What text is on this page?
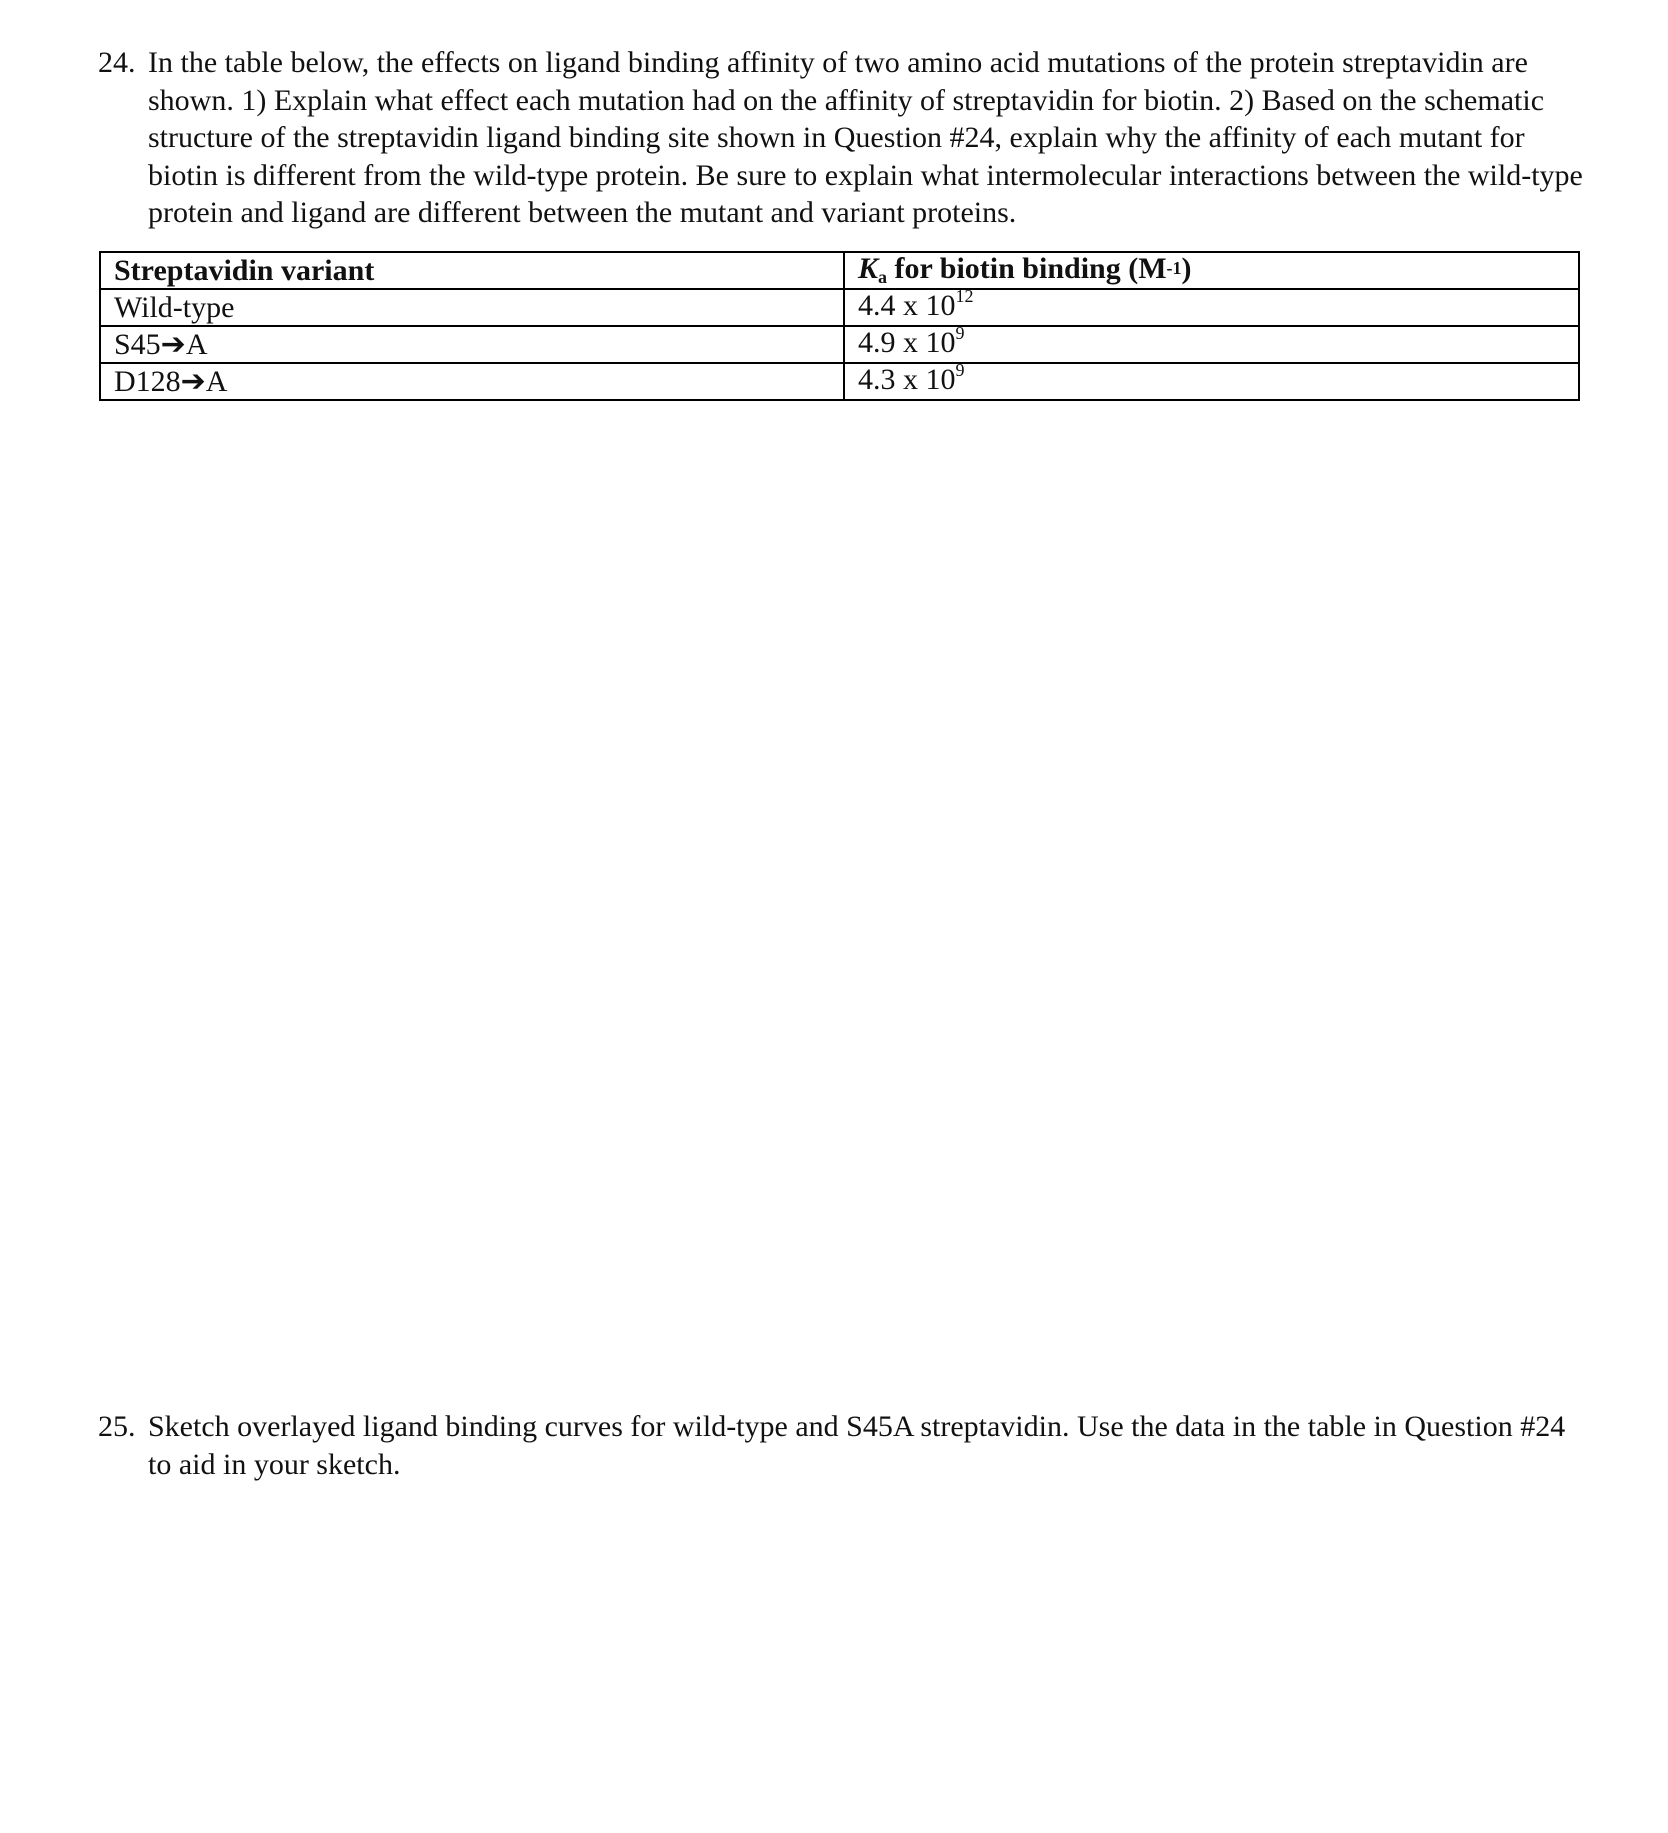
24. In the table below, the effects on ligand binding affinity of two amino acid mutations of the protein streptavidin are shown. 1) Explain what effect each mutation had on the affinity of streptavidin for biotin. 2) Based on the schematic structure of the streptavidin ligand binding site shown in Question #24, explain why the affinity of each mutant for biotin is different from the wild-type protein. Be sure to explain what intermolecular interactions between the wild-type protein and ligand are different between the mutant and variant proteins.
Streptavidin variant	Ka for biotin binding $(M^{-1})$
Wild-type	4.4 x $10^{12}$
S45➔A	4.9 x $10^9$
D128➔A	4.3 x $10^9$
25. Sketch overlayed ligand binding curves for wild-type and S45A streptavidin. Use the data in the table in Question #24 to aid in your sketch.
